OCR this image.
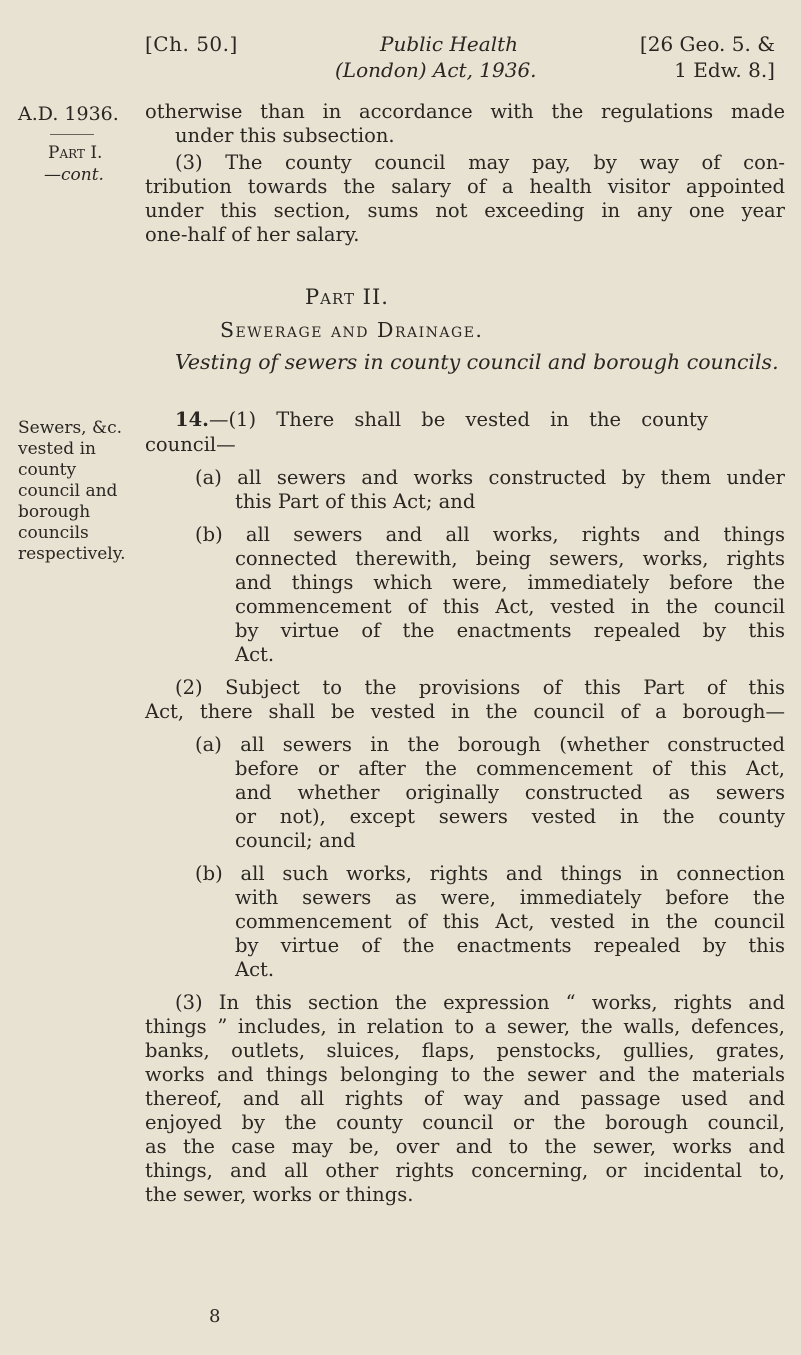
[Ch. 50.]	Public Health	[26 Geo. 5. &
(London) Act, 1936.	1 Edw. 8.]
A.D. 1936.
Part I.
—cont.
Sewers, &c.
vested in
county
council and
borough
councils
respectively.
otherwise than in accordance with the regulations made
under this subsection.
(3) The county council may pay, by way of con-
tribution towards the salary of a health visitor appointed
under this section, sums not exceeding in any one year
one-half of her salary.
Part II.
Sewerage and Drainage.
Vesting of sewers in county council and borough councils.
14.—(1) There shall be vested in the county
council—
(a) all sewers and works constructed by them under
this Part of this Act; and
(b) all sewers and all works, rights and things
connected therewith, being sewers, works, rights
and things which were, immediately before the
commencement of this Act, vested in the council
by virtue of the enactments repealed by this
Act.
(2) Subject to the provisions of this Part of this
Act, there shall be vested in the council of a borough—
(a) all sewers in the borough (whether constructed
before or after the commencement of this Act,
and whether originally constructed as sewers
or not), except sewers vested in the county
council; and
(b) all such works, rights and things in connection
with sewers as were, immediately before the
commencement of this Act, vested in the council
by virtue of the enactments repealed by this
Act.
(3) In this section the expression “ works, rights and
things ” includes, in relation to a sewer, the walls, defences,
banks, outlets, sluices, flaps, penstocks, gullies, grates,
works and things belonging to the sewer and the materials
thereof, and all rights of way and passage used and
enjoyed by the county council or the borough council,
as the case may be, over and to the sewer, works and
things, and all other rights concerning, or incidental to,
the sewer, works or things.
8
